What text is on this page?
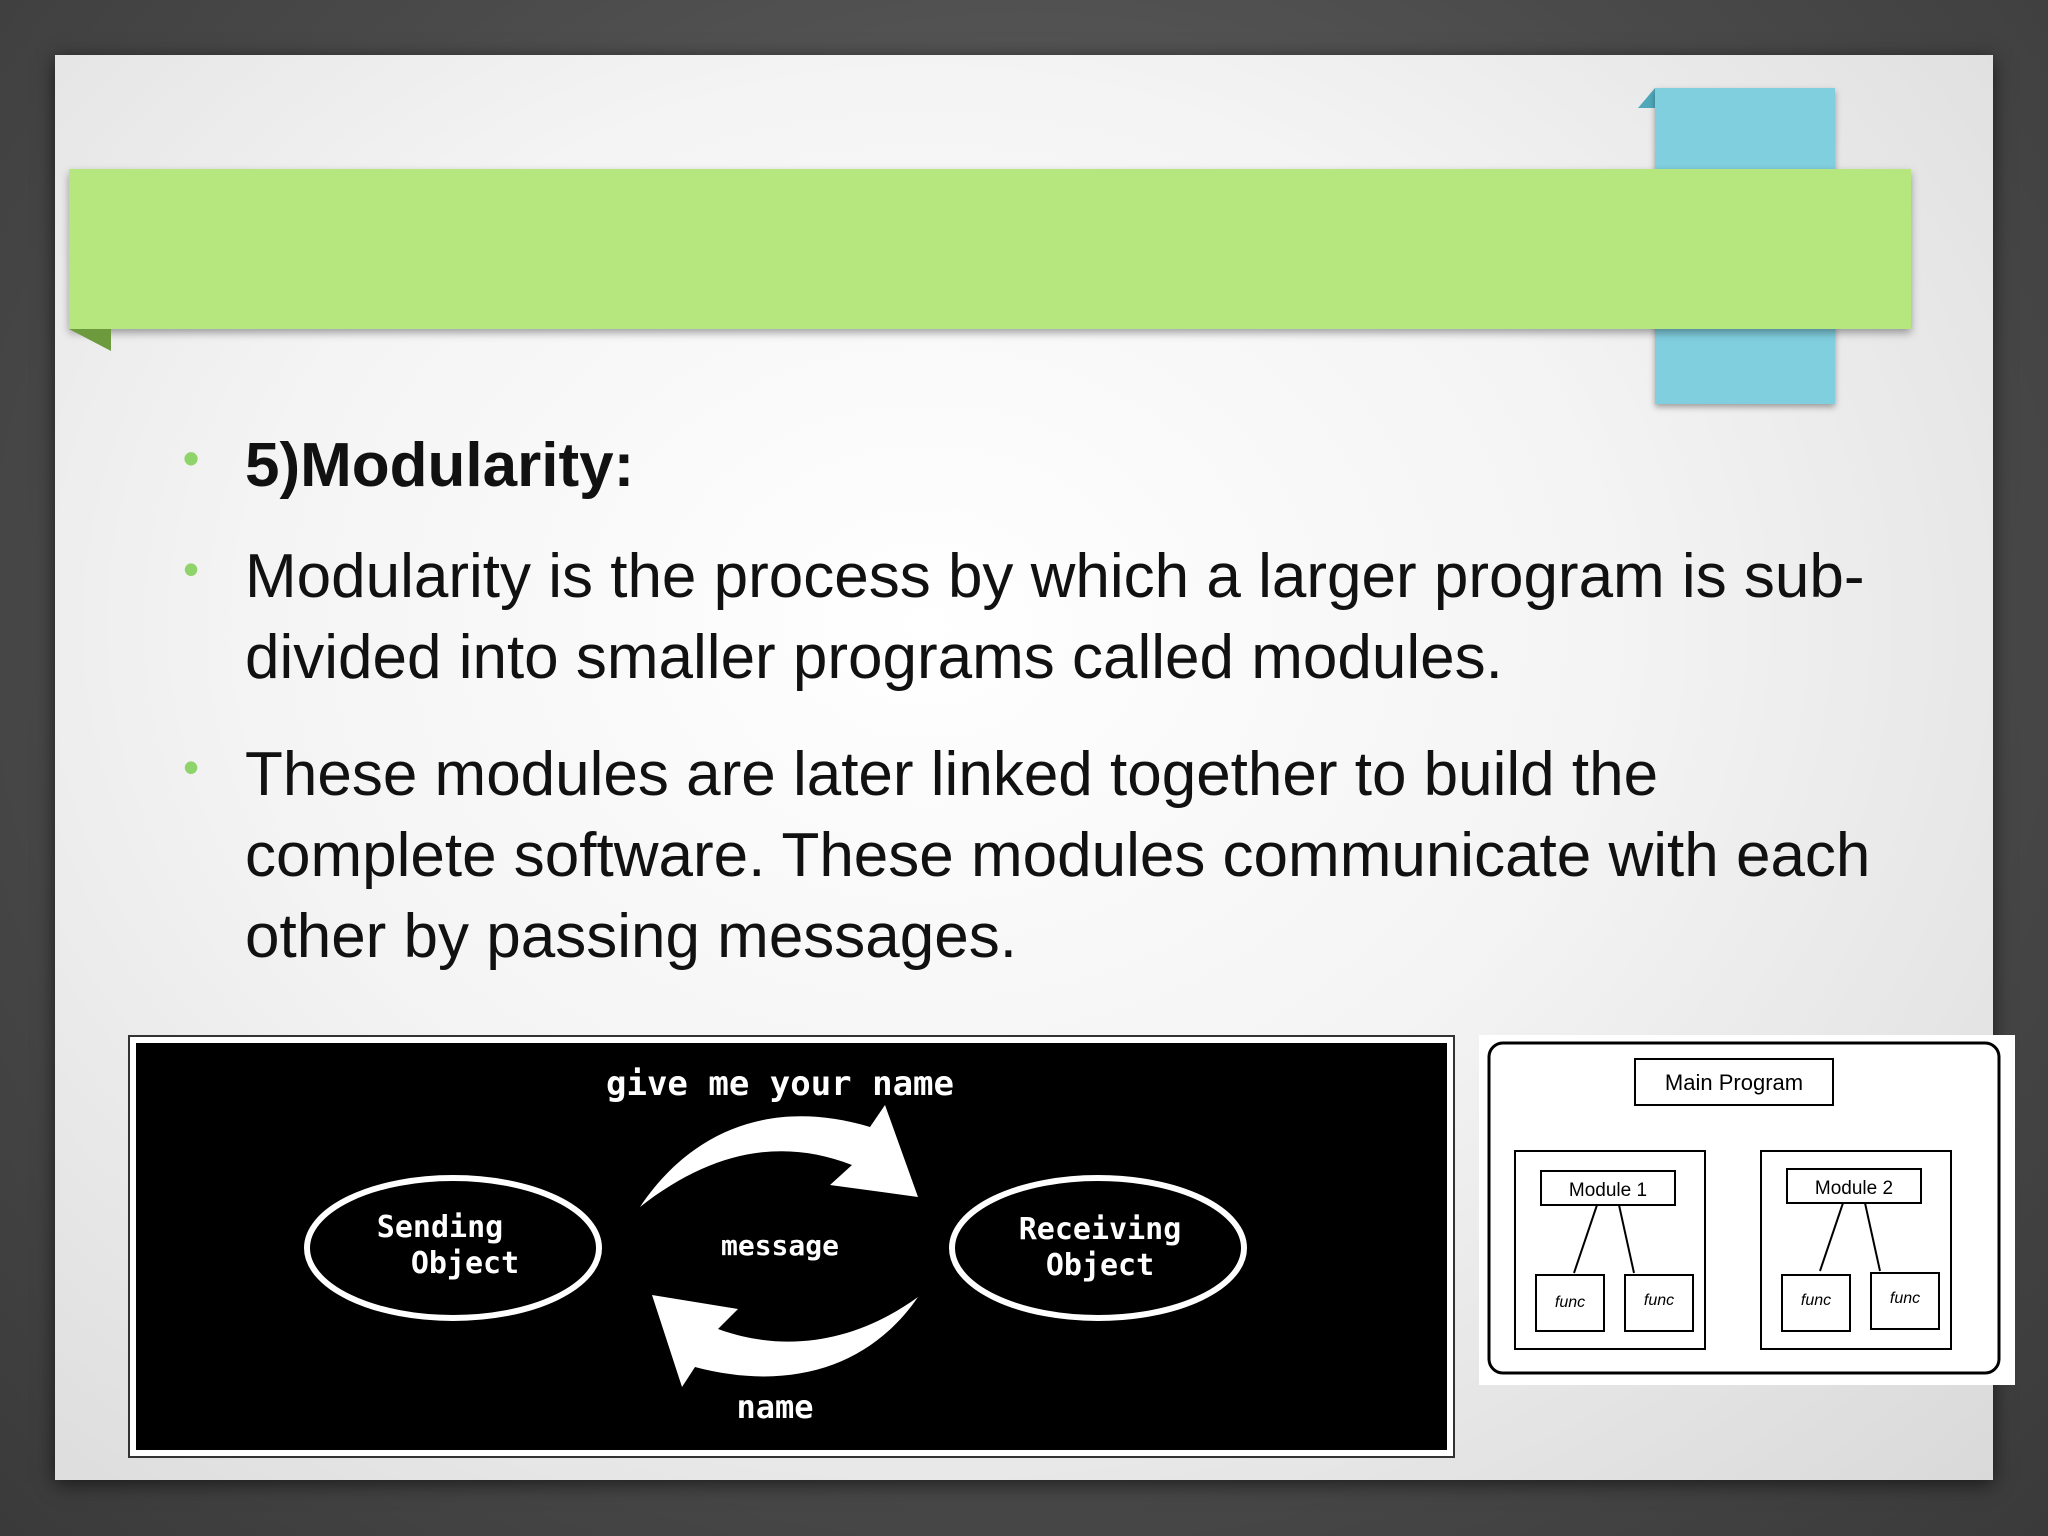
• 5)Modularity:
• Modularity is the process by which a larger program is sub-divided into smaller programs called modules.
• These modules are later linked together to build the complete software. These modules communicate with each other by passing messages.
give me your name
Sending
Object
Receiving
Object
message
name
Main Program
Module 1
func	func
Module 2
func	func
